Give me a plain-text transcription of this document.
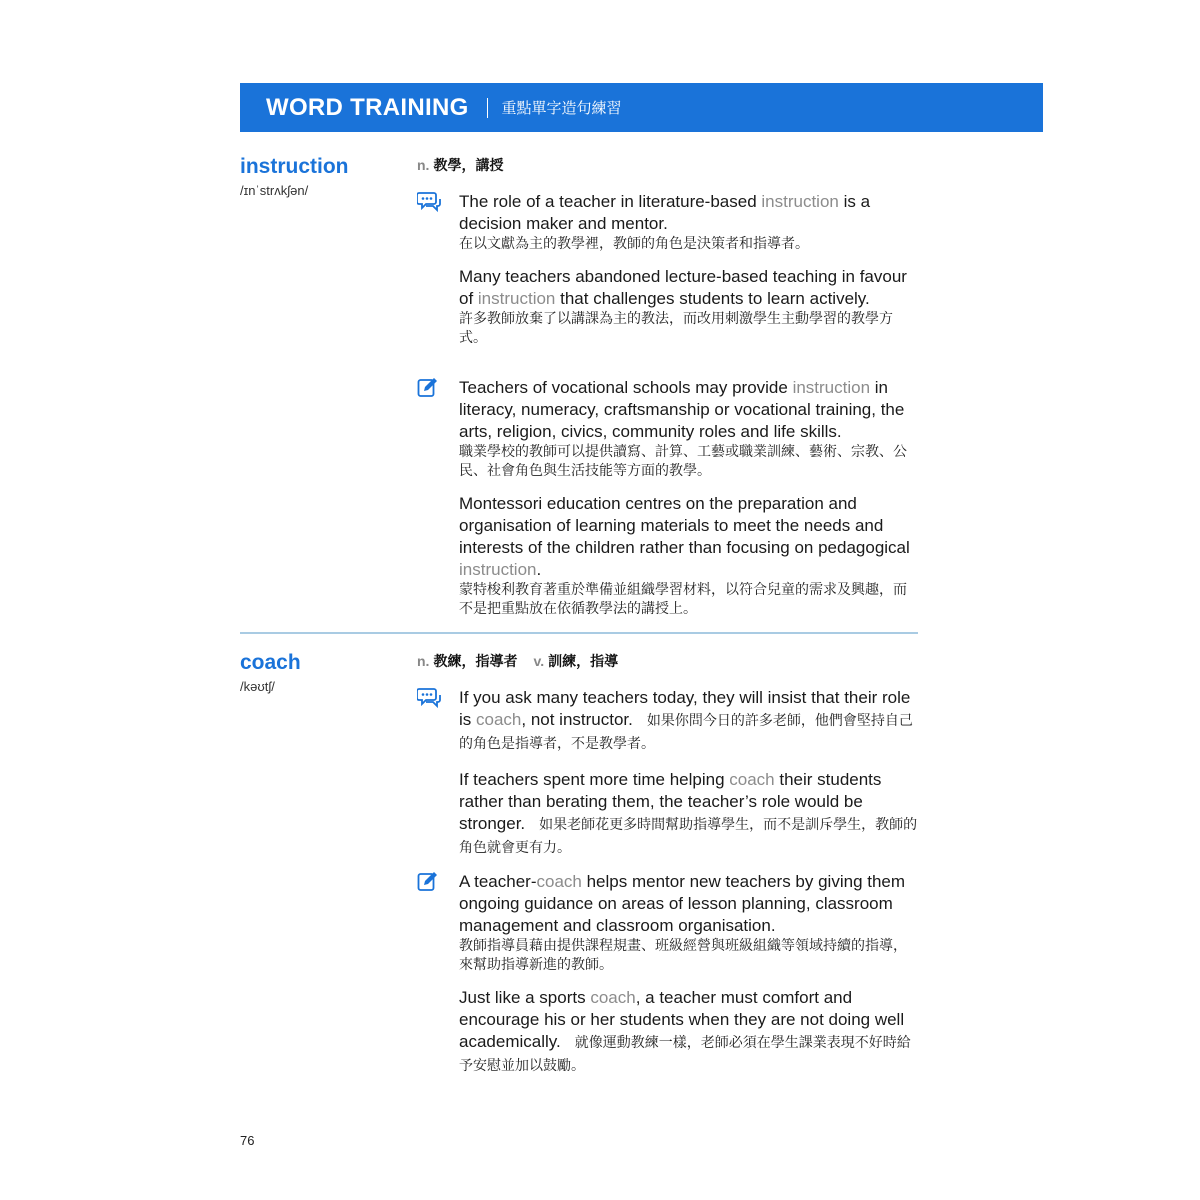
WORD TRAINING 重點單字造句練習
instruction
/ɪnˈstrʌkʃən/
n. 教學，講授
The role of a teacher in literature-based instruction is a decision maker and mentor.
在以文獻為主的教學裡，教師的角色是決策者和指導者。
Many teachers abandoned lecture-based teaching in favour of instruction that challenges students to learn actively.
許多教師放棄了以講課為主的教法，而改用刺激學生主動學習的教學方式。
Teachers of vocational schools may provide instruction in literacy, numeracy, craftsmanship or vocational training, the arts, religion, civics, community roles and life skills.
職業學校的教師可以提供讀寫、計算、工藝或職業訓練、藝術、宗教、公民、社會角色與生活技能等方面的教學。
Montessori education centres on the preparation and organisation of learning materials to meet the needs and interests of the children rather than focusing on pedagogical instruction.
蒙特梭利教育著重於準備並組織學習材料，以符合兒童的需求及興趣，而不是把重點放在依循教學法的講授上。
coach
/kəʊtʃ/
n. 教練，指導者 v. 訓練，指導
If you ask many teachers today, they will insist that their role is coach, not instructor. 如果你問今日的許多老師，他們會堅持自己的角色是指導者，不是教學者。
If teachers spent more time helping coach their students rather than berating them, the teacher’s role would be stronger. 如果老師花更多時間幫助指導學生，而不是訓斥學生，教師的角色就會更有力。
A teacher-coach helps mentor new teachers by giving them ongoing guidance on areas of lesson planning, classroom management and classroom organisation.
教師指導員藉由提供課程規畫、班級經營與班級組織等領域持續的指導，來幫助指導新進的教師。
Just like a sports coach, a teacher must comfort and encourage his or her students when they are not doing well academically. 就像運動教練一樣，老師必須在學生課業表現不好時給予安慰並加以鼓勵。
76
